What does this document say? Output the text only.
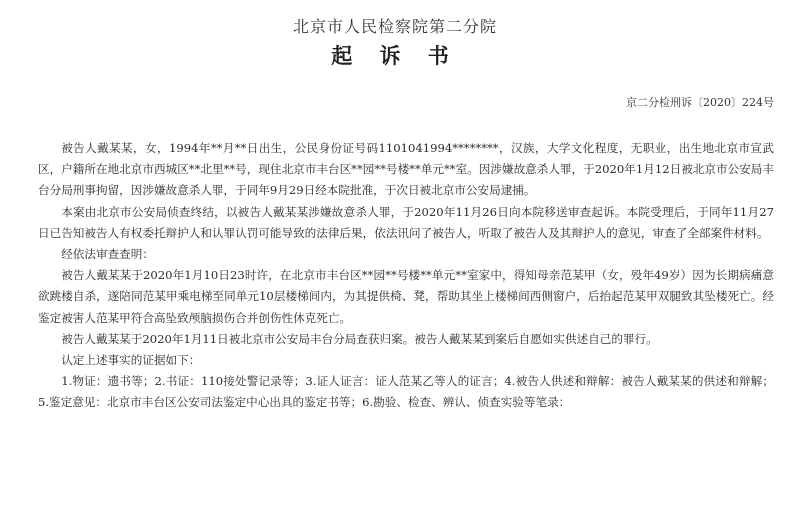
北京市人民检察院第二分院
起 诉 书
京二分检刑诉〔2020〕224号

被告人戴某某，女，1994年**月**日出生，公民身份证号码1101041994********，汉族，大学文化程度，无职业，出生地北京市宣武区，户籍所在地北京市西城区**北里**号，现住北京市丰台区**园**号楼**单元**室。因涉嫌故意杀人罪，于2020年1月12日被北京市公安局丰台分局刑事拘留，因涉嫌故意杀人罪，于同年9月29日经本院批准，于次日被北京市公安局逮捕。

本案由北京市公安局侦查终结，以被告人戴某某涉嫌故意杀人罪，于2020年11月26日向本院移送审查起诉。本院受理后，于同年11月27日已告知被告人有权委托辩护人和认罪认罚可能导致的法律后果，依法讯问了被告人，听取了被告人及其辩护人的意见，审查了全部案件材料。

经依法审查查明：

被告人戴某某于2020年1月10日23时许，在北京市丰台区**园**号楼**单元**室家中，得知母亲范某甲（女，殁年49岁）因为长期病痛意欲跳楼自杀，遂陪同范某甲乘电梯至同单元10层楼梯间内，为其提供椅、凳，帮助其坐上楼梯间西侧窗户，后抬起范某甲双腿致其坠楼死亡。经鉴定被害人范某甲符合高坠致颅脑损伤合并创伤性休克死亡。

被告人戴某某于2020年1月11日被北京市公安局丰台分局查获归案。被告人戴某某到案后自愿如实供述自己的罪行。

认定上述事实的证据如下：

1.物证：遗书等；2.书证：110接处警记录等；3.证人证言：证人范某乙等人的证言；4.被告人供述和辩解：被告人戴某某的供述和辩解；5.鉴定意见：北京市丰台区公安司法鉴定中心出具的鉴定书等；6.勘验、检查、辨认、侦查实验等笔录：
